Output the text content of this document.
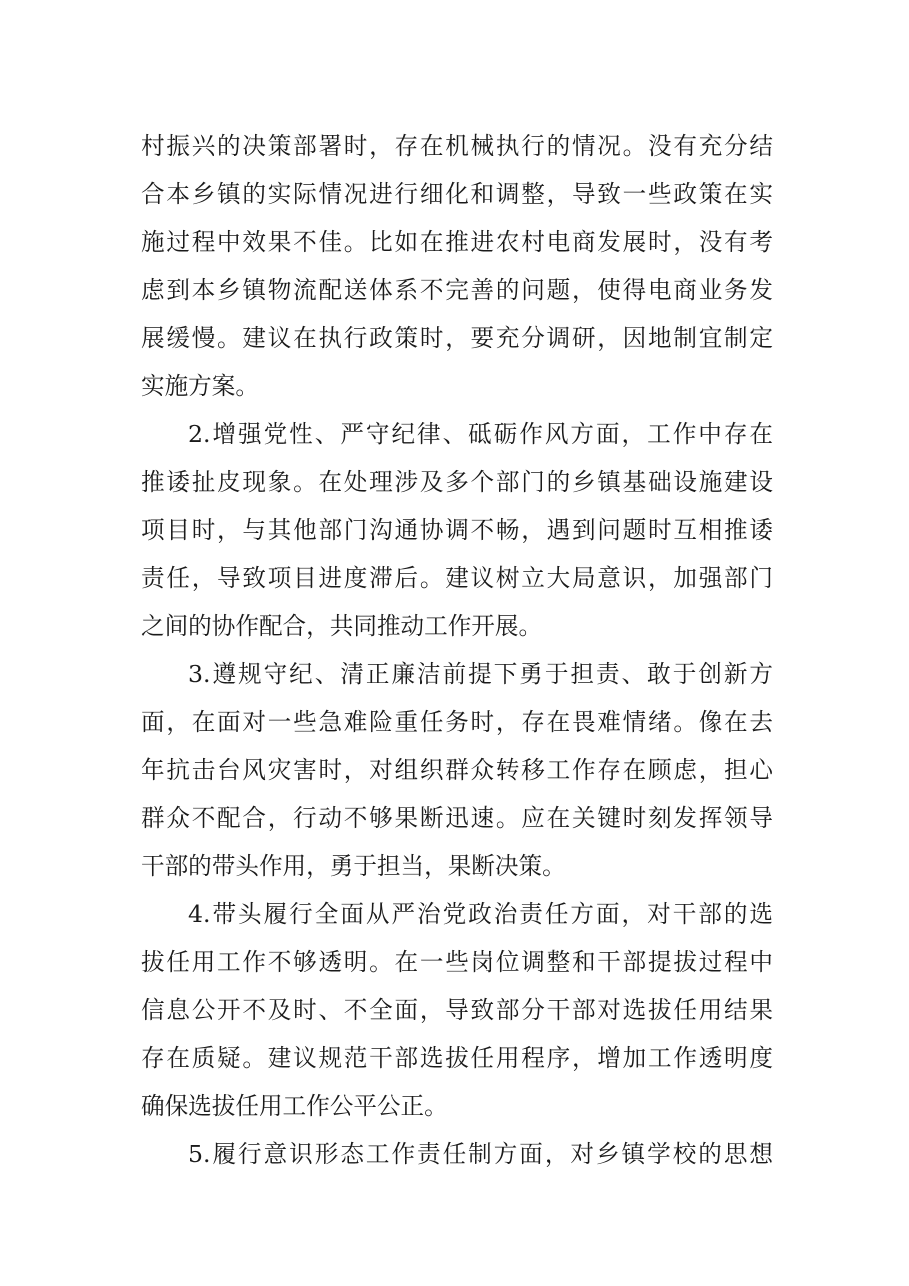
村振兴的决策部署时，存在机械执行的情况。没有充分结
合本乡镇的实际情况进行细化和调整，导致一些政策在实
施过程中效果不佳。比如在推进农村电商发展时，没有考
虑到本乡镇物流配送体系不完善的问题，使得电商业务发
展缓慢。建议在执行政策时，要充分调研，因地制宜制定
实施方案。
2.增强党性、严守纪律、砥砺作风方面，工作中存在
推诿扯皮现象。在处理涉及多个部门的乡镇基础设施建设
项目时，与其他部门沟通协调不畅，遇到问题时互相推诿
责任，导致项目进度滞后。建议树立大局意识，加强部门
之间的协作配合，共同推动工作开展。
3.遵规守纪、清正廉洁前提下勇于担责、敢于创新方
面，在面对一些急难险重任务时，存在畏难情绪。像在去
年抗击台风灾害时，对组织群众转移工作存在顾虑，担心
群众不配合，行动不够果断迅速。应在关键时刻发挥领导
干部的带头作用，勇于担当，果断决策。
4.带头履行全面从严治党政治责任方面，对干部的选
拔任用工作不够透明。在一些岗位调整和干部提拔过程中
信息公开不及时、不全面，导致部分干部对选拔任用结果
存在质疑。建议规范干部选拔任用程序，增加工作透明度
确保选拔任用工作公平公正。
5.履行意识形态工作责任制方面，对乡镇学校的思想
